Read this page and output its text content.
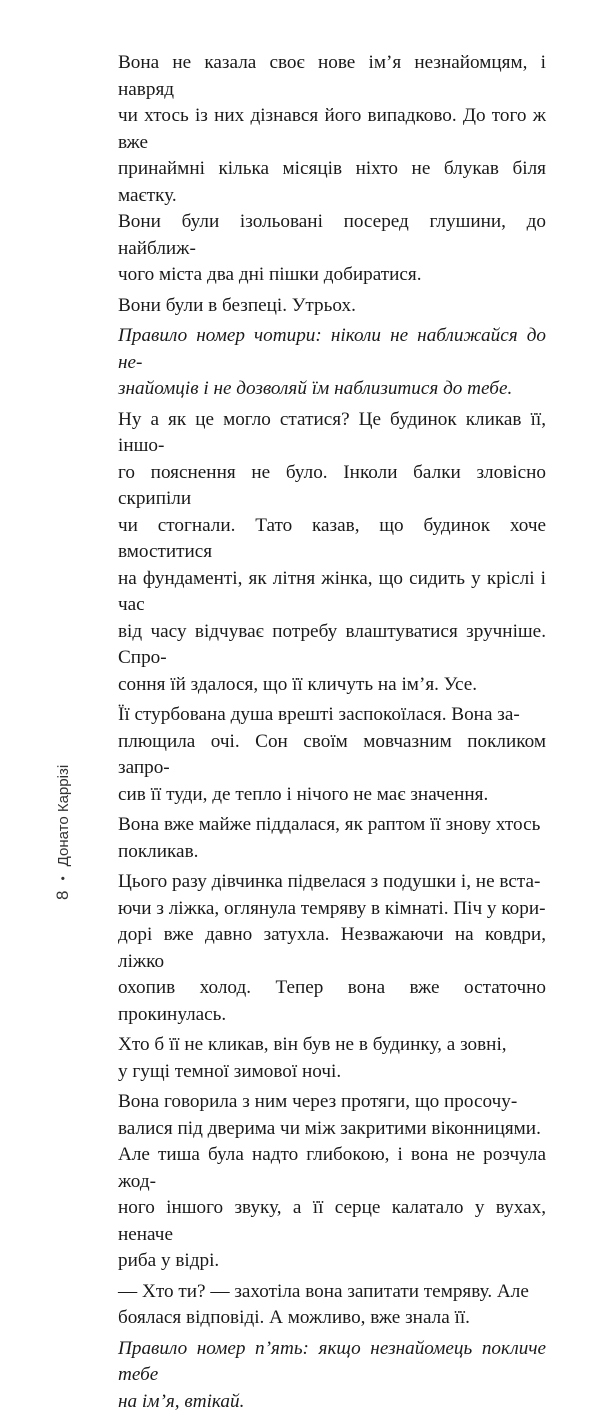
Вона не казала своє нове ім’я незнайомцям, і навряд
чи хтось із них дізнався його випадково. До того ж вже
принаймні кілька місяців ніхто не блукав біля маєтку.
Вони були ізольовані посеред глушини, до найближ-
чого міста два дні пішки добиратися.

Вони були в безпеці. Утрьох.

Правило номер чотири: ніколи не наближайся до не-
знайомців і не дозволяй їм наблизитися до тебе.

Ну а як це могло статися? Це будинок кликав її, іншо-
го пояснення не було. Інколи балки зловісно скрипіли
чи стогнали. Тато казав, що будинок хоче вмоститися
на фундаменті, як літня жінка, що сидить у кріслі і час
від часу відчуває потребу влаштуватися зручніше. Спро-
соння їй здалося, що її кличуть на ім’я. Усе.

Її стурбована душа врешті заспокоїлася. Вона за-
плющила очі. Сон своїм мовчазним покликом запро-
сив її туди, де тепло і нічого не має значення.

Вона вже майже піддалася, як раптом її знову хтось
покликав.

Цього разу дівчинка підвелася з подушки і, не вста-
ючи з ліжка, оглянула темряву в кімнаті. Піч у кори-
дорі вже давно затухла. Незважаючи на ковдри, ліжко
охопив холод. Тепер вона вже остаточно прокинулась.

Хто б її не кликав, він був не в будинку, а зовні,
у гущі темної зимової ночі.

Вона говорила з ним через протяги, що просочу-
валися під дверима чи між закритими віконницями.
Але тиша була надто глибокою, і вона не розчула жод-
ного іншого звуку, а її серце калатало у вухах, неначе
риба у відрі.

— Хто ти? — захотіла вона запитати темряву. Але
боялася відповіді. А можливо, вже знала її.

Правило номер п’ять: якщо незнайомець покличе тебе
на ім’я, втікай.

8
•
Донато Каррізі
